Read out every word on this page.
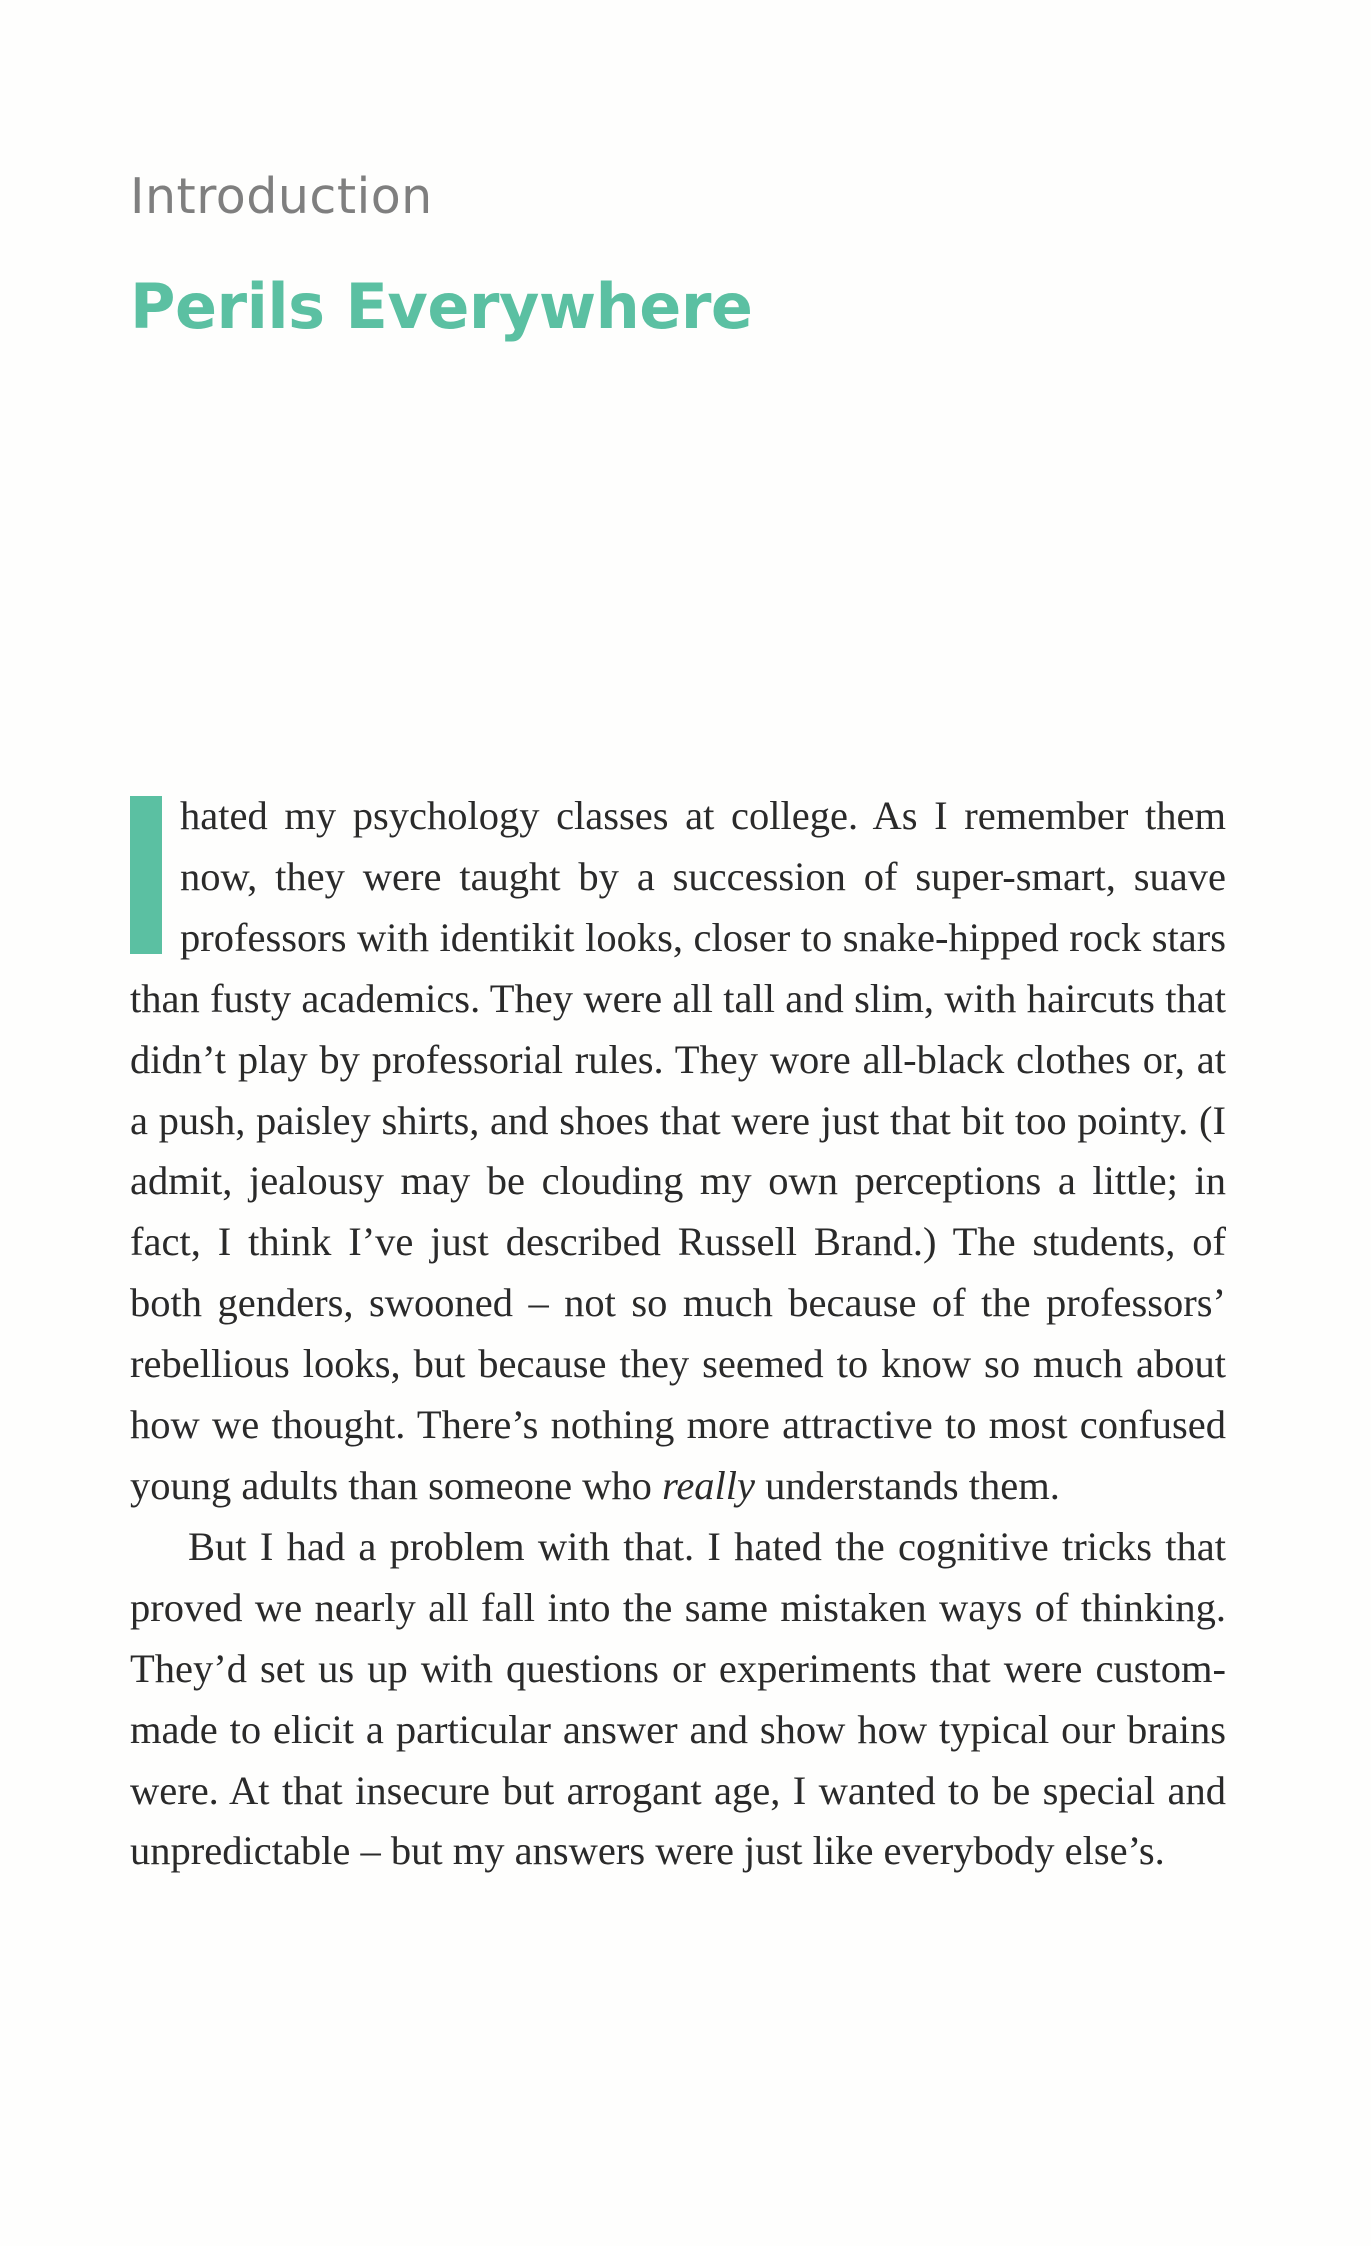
Introduction
Perils Everywhere

hated my psychology classes at college. As I remember them now, they were taught by a succession of super-smart, suave professors with identikit looks, closer to snake-hipped rock stars than fusty academics. They were all tall and slim, with haircuts that didn’t play by professorial rules. They wore all-black clothes or, at a push, paisley shirts, and shoes that were just that bit too pointy. (I admit, jealousy may be clouding my own perceptions a little; in fact, I think I’ve just described Russell Brand.) The students, of both genders, swooned – not so much because of the professors’ rebellious looks, but because they seemed to know so much about how we thought. There’s nothing more attractive to most confused young adults than someone who really understands them.

But I had a problem with that. I hated the cognitive tricks that proved we nearly all fall into the same mistaken ways of thinking. They’d set us up with questions or experiments that were custom-made to elicit a particular answer and show how typical our brains were. At that insecure but arrogant age, I wanted to be special and unpredictable – but my answers were just like everybody else’s.
